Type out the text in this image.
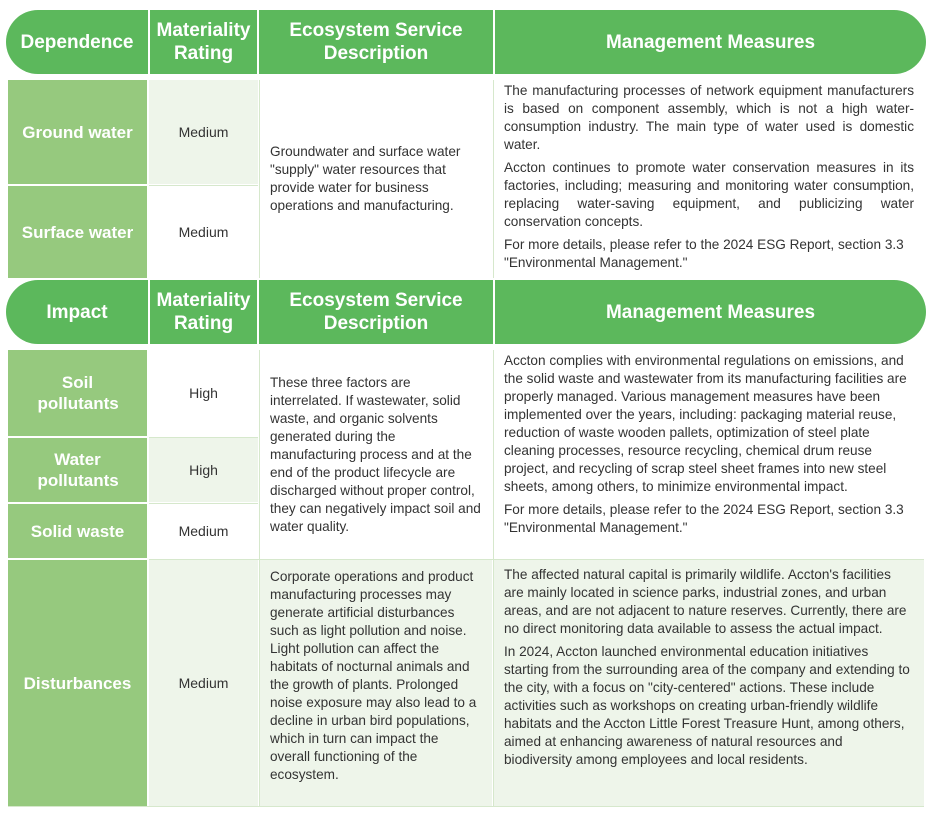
Dependence
Materiality Rating
Ecosystem Service Description
Management Measures
Ground water
Surface water
Medium
Medium
Groundwater and surface water "supply" water resources that provide water for business operations and manufacturing.

The manufacturing processes of network equipment manufacturers is based on component assembly, which is not a high water-consumption industry. The main type of water used is domestic water.

Accton continues to promote water conservation measures in its factories, including; measuring and monitoring water consumption, replacing water-saving equipment, and publicizing water conservation concepts.

For more details, please refer to the 2024 ESG Report, section 3.3 "Environmental Management."

Impact
Materiality Rating
Ecosystem Service Description
Management Measures
Soil pollutants
Water pollutants
Solid waste
Disturbances
High
High
Medium
Medium
These three factors are interrelated. If wastewater, solid waste, and organic solvents generated during the manufacturing process and at the end of the product lifecycle are discharged without proper control, they can negatively impact soil and water quality.
Corporate operations and product manufacturing processes may generate artificial disturbances such as light pollution and noise. Light pollution can affect the habitats of nocturnal animals and the growth of plants. Prolonged noise exposure may also lead to a decline in urban bird populations, which in turn can impact the overall functioning of the ecosystem.

Accton complies with environmental regulations on emissions, and the solid waste and wastewater from its manufacturing facilities are properly managed. Various management measures have been implemented over the years, including: packaging material reuse, reduction of waste wooden pallets, optimization of steel plate cleaning processes, resource recycling, chemical drum reuse project, and recycling of scrap steel sheet frames into new steel sheets, among others, to minimize environmental impact.

For more details, please refer to the 2024 ESG Report, section 3.3 "Environmental Management."

The affected natural capital is primarily wildlife. Accton's facilities are mainly located in science parks, industrial zones, and urban areas, and are not adjacent to nature reserves. Currently, there are no direct monitoring data available to assess the actual impact.

In 2024, Accton launched environmental education initiatives starting from the surrounding area of the company and extending to the city, with a focus on "city-centered" actions. These include activities such as workshops on creating urban-friendly wildlife habitats and the Accton Little Forest Treasure Hunt, among others, aimed at enhancing awareness of natural resources and biodiversity among employees and local residents.
